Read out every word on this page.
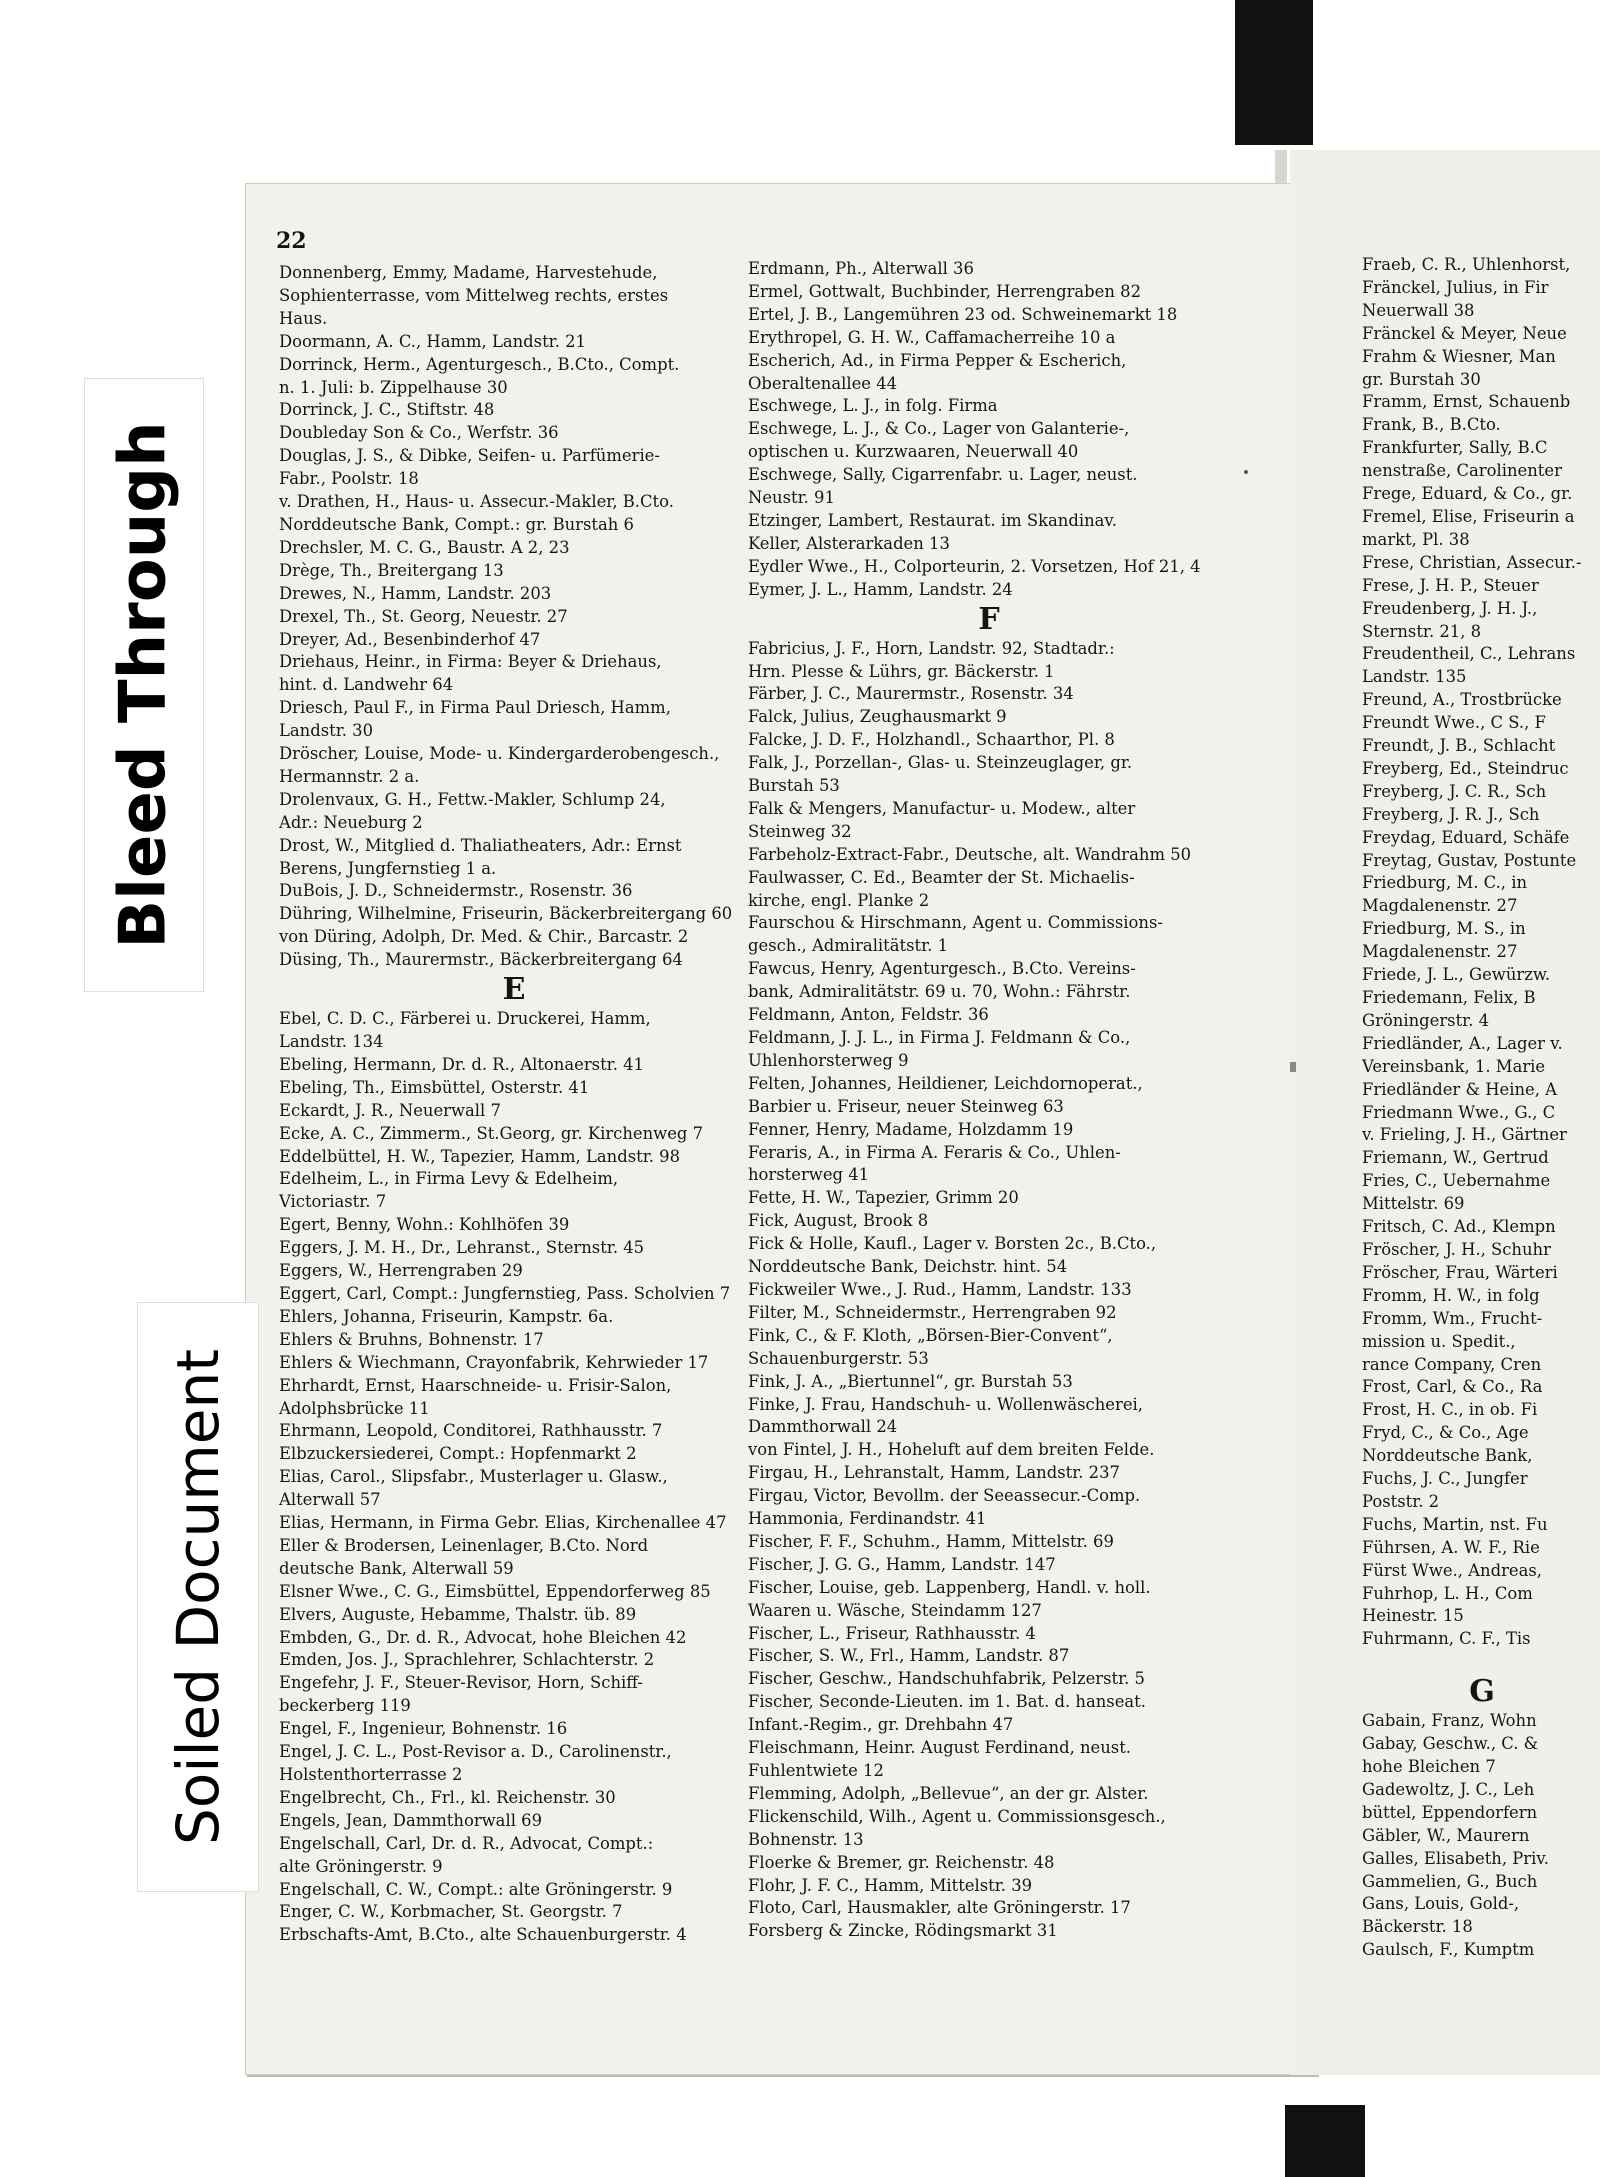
Bleed Through
Soiled Document
22
Donnenberg, Emmy, Madame, Harvestehude,
Sophienterrasse, vom Mittelweg rechts, erstes
Haus.
Doormann, A. C., Hamm, Landstr. 21
Dorrinck, Herm., Agenturgesch., B.Cto., Compt.
n. 1. Juli: b. Zippelhause 30
Dorrinck, J. C., Stiftstr. 48
Doubleday Son & Co., Werfstr. 36
Douglas, J. S., & Dibke, Seifen- u. Parfümerie-
Fabr., Poolstr. 18
v. Drathen, H., Haus- u. Assecur.-Makler, B.Cto.
Norddeutsche Bank, Compt.: gr. Burstah 6
Drechsler, M. C. G., Baustr. A 2, 23
Drège, Th., Breitergang 13
Drewes, N., Hamm, Landstr. 203
Drexel, Th., St. Georg, Neuestr. 27
Dreyer, Ad., Besenbinderhof 47
Driehaus, Heinr., in Firma: Beyer & Driehaus,
hint. d. Landwehr 64
Driesch, Paul F., in Firma Paul Driesch, Hamm,
Landstr. 30
Dröscher, Louise, Mode- u. Kindergarderobengesch.,
Hermannstr. 2 a.
Drolenvaux, G. H., Fettw.-Makler, Schlump 24,
Adr.: Neueburg 2
Drost, W., Mitglied d. Thaliatheaters, Adr.: Ernst
Berens, Jungfernstieg 1 a.
DuBois, J. D., Schneidermstr., Rosenstr. 36
Dühring, Wilhelmine, Friseurin, Bäckerbreitergang 60
von Düring, Adolph, Dr. Med. & Chir., Barcastr. 2
Düsing, Th., Maurermstr., Bäckerbreitergang 64
E
Ebel, C. D. C., Färberei u. Druckerei, Hamm,
Landstr. 134
Ebeling, Hermann, Dr. d. R., Altonaerstr. 41
Ebeling, Th., Eimsbüttel, Osterstr. 41
Eckardt, J. R., Neuerwall 7
Ecke, A. C., Zimmerm., St.Georg, gr. Kirchenweg 7
Eddelbüttel, H. W., Tapezier, Hamm, Landstr. 98
Edelheim, L., in Firma Levy & Edelheim,
Victoriastr. 7
Egert, Benny, Wohn.: Kohlhöfen 39
Eggers, J. M. H., Dr., Lehranst., Sternstr. 45
Eggers, W., Herrengraben 29
Eggert, Carl, Compt.: Jungfernstieg, Pass. Scholvien 7
Ehlers, Johanna, Friseurin, Kampstr. 6a.
Ehlers & Bruhns, Bohnenstr. 17
Ehlers & Wiechmann, Crayonfabrik, Kehrwieder 17
Ehrhardt, Ernst, Haarschneide- u. Frisir-Salon,
Adolphsbrücke 11
Ehrmann, Leopold, Conditorei, Rathhausstr. 7
Elbzuckersiederei, Compt.: Hopfenmarkt 2
Elias, Carol., Slipsfabr., Musterlager u. Glasw.,
Alterwall 57
Elias, Hermann, in Firma Gebr. Elias, Kirchenallee 47
Eller & Brodersen, Leinenlager, B.Cto. Nord
deutsche Bank, Alterwall 59
Elsner Wwe., C. G., Eimsbüttel, Eppendorferweg 85
Elvers, Auguste, Hebamme, Thalstr. üb. 89
Embden, G., Dr. d. R., Advocat, hohe Bleichen 42
Emden, Jos. J., Sprachlehrer, Schlachterstr. 2
Engefehr, J. F., Steuer-Revisor, Horn, Schiff-
beckerberg 119
Engel, F., Ingenieur, Bohnenstr. 16
Engel, J. C. L., Post-Revisor a. D., Carolinenstr.,
Holstenthorterrasse 2
Engelbrecht, Ch., Frl., kl. Reichenstr. 30
Engels, Jean, Dammthorwall 69
Engelschall, Carl, Dr. d. R., Advocat, Compt.:
alte Gröningerstr. 9
Engelschall, C. W., Compt.: alte Gröningerstr. 9
Enger, C. W., Korbmacher, St. Georgstr. 7
Erbschafts-Amt, B.Cto., alte Schauenburgerstr. 4
Erdmann, Ph., Alterwall 36
Ermel, Gottwalt, Buchbinder, Herrengraben 82
Ertel, J. B., Langemühren 23 od. Schweinemarkt 18
Erythropel, G. H. W., Caffamacherreihe 10 a
Escherich, Ad., in Firma Pepper & Escherich,
Oberaltenallee 44
Eschwege, L. J., in folg. Firma
Eschwege, L. J., & Co., Lager von Galanterie-,
optischen u. Kurzwaaren, Neuerwall 40
Eschwege, Sally, Cigarrenfabr. u. Lager, neust.
Neustr. 91
Etzinger, Lambert, Restaurat. im Skandinav.
Keller, Alsterarkaden 13
Eydler Wwe., H., Colporteurin, 2. Vorsetzen, Hof 21, 4
Eymer, J. L., Hamm, Landstr. 24
F
Fabricius, J. F., Horn, Landstr. 92, Stadtadr.:
Hrn. Plesse & Lührs, gr. Bäckerstr. 1
Färber, J. C., Maurermstr., Rosenstr. 34
Falck, Julius, Zeughausmarkt 9
Falcke, J. D. F., Holzhandl., Schaarthor, Pl. 8
Falk, J., Porzellan-, Glas- u. Steinzeuglager, gr.
Burstah 53
Falk & Mengers, Manufactur- u. Modew., alter
Steinweg 32
Farbeholz-Extract-Fabr., Deutsche, alt. Wandrahm 50
Faulwasser, C. Ed., Beamter der St. Michaelis-
kirche, engl. Planke 2
Faurschou & Hirschmann, Agent u. Commissions-
gesch., Admiralitätstr. 1
Fawcus, Henry, Agenturgesch., B.Cto. Vereins-
bank, Admiralitätstr. 69 u. 70, Wohn.: Fährstr.
Feldmann, Anton, Feldstr. 36
Feldmann, J. J. L., in Firma J. Feldmann & Co.,
Uhlenhorsterweg 9
Felten, Johannes, Heildiener, Leichdornoperat.,
Barbier u. Friseur, neuer Steinweg 63
Fenner, Henry, Madame, Holzdamm 19
Feraris, A., in Firma A. Feraris & Co., Uhlen-
horsterweg 41
Fette, H. W., Tapezier, Grimm 20
Fick, August, Brook 8
Fick & Holle, Kaufl., Lager v. Borsten 2c., B.Cto.,
Norddeutsche Bank, Deichstr. hint. 54
Fickweiler Wwe., J. Rud., Hamm, Landstr. 133
Filter, M., Schneidermstr., Herrengraben 92
Fink, C., & F. Kloth, „Börsen-Bier-Convent“,
Schauenburgerstr. 53
Fink, J. A., „Biertunnel“, gr. Burstah 53
Finke, J. Frau, Handschuh- u. Wollenwäscherei,
Dammthorwall 24
von Fintel, J. H., Hoheluft auf dem breiten Felde.
Firgau, H., Lehranstalt, Hamm, Landstr. 237
Firgau, Victor, Bevollm. der Seeassecur.-Comp.
Hammonia, Ferdinandstr. 41
Fischer, F. F., Schuhm., Hamm, Mittelstr. 69
Fischer, J. G. G., Hamm, Landstr. 147
Fischer, Louise, geb. Lappenberg, Handl. v. holl.
Waaren u. Wäsche, Steindamm 127
Fischer, L., Friseur, Rathhausstr. 4
Fischer, S. W., Frl., Hamm, Landstr. 87
Fischer, Geschw., Handschuhfabrik, Pelzerstr. 5
Fischer, Seconde-Lieuten. im 1. Bat. d. hanseat.
Infant.-Regim., gr. Drehbahn 47
Fleischmann, Heinr. August Ferdinand, neust.
Fuhlentwiete 12
Flemming, Adolph, „Bellevue“, an der gr. Alster.
Flickenschild, Wilh., Agent u. Commissionsgesch.,
Bohnenstr. 13
Floerke & Bremer, gr. Reichenstr. 48
Flohr, J. F. C., Hamm, Mittelstr. 39
Floto, Carl, Hausmakler, alte Gröningerstr. 17
Forsberg & Zincke, Rödingsmarkt 31
Fraeb, C. R., Uhlenhorst,
Fränckel, Julius, in Fir
Neuerwall 38
Fränckel & Meyer, Neue
Frahm & Wiesner, Man
gr. Burstah 30
Framm, Ernst, Schauenb
Frank, B., B.Cto.
Frankfurter, Sally, B.C
nenstraße, Carolinenter
Frege, Eduard, & Co., gr.
Fremel, Elise, Friseurin a
markt, Pl. 38
Frese, Christian, Assecur.-
Frese, J. H. P., Steuer
Freudenberg, J. H. J.,
Sternstr. 21, 8
Freudentheil, C., Lehrans
Landstr. 135
Freund, A., Trostbrücke
Freundt Wwe., C S., F
Freundt, J. B., Schlacht
Freyberg, Ed., Steindruc
Freyberg, J. C. R., Sch
Freyberg, J. R. J., Sch
Freydag, Eduard, Schäfe
Freytag, Gustav, Postunte
Friedburg, M. C., in
Magdalenenstr. 27
Friedburg, M. S., in
Magdalenenstr. 27
Friede, J. L., Gewürzw.
Friedemann, Felix, B
Gröningerstr. 4
Friedländer, A., Lager v.
Vereinsbank, 1. Marie
Friedländer & Heine, A
Friedmann Wwe., G., C
v. Frieling, J. H., Gärtner
Friemann, W., Gertrud
Fries, C., Uebernahme
Mittelstr. 69
Fritsch, C. Ad., Klempn
Fröscher, J. H., Schuhr
Fröscher, Frau, Wärteri
Fromm, H. W., in folg
Fromm, Wm., Frucht-
mission u. Spedit.,
rance Company, Cren
Frost, Carl, & Co., Ra
Frost, H. C., in ob. Fi
Fryd, C., & Co., Age
Norddeutsche Bank,
Fuchs, J. C., Jungfer
Poststr. 2
Fuchs, Martin, nst. Fu
Führsen, A. W. F., Rie
Fürst Wwe., Andreas,
Fuhrhop, L. H., Com
Heinestr. 15
Fuhrmann, C. F., Tis

G
Gabain, Franz, Wohn
Gabay, Geschw., C. &
hohe Bleichen 7
Gadewoltz, J. C., Leh
büttel, Eppendorfern
Gäbler, W., Maurern
Galles, Elisabeth, Priv.
Gammelien, G., Buch
Gans, Louis, Gold-,
Bäckerstr. 18
Gaulsch, F., Kumptm
